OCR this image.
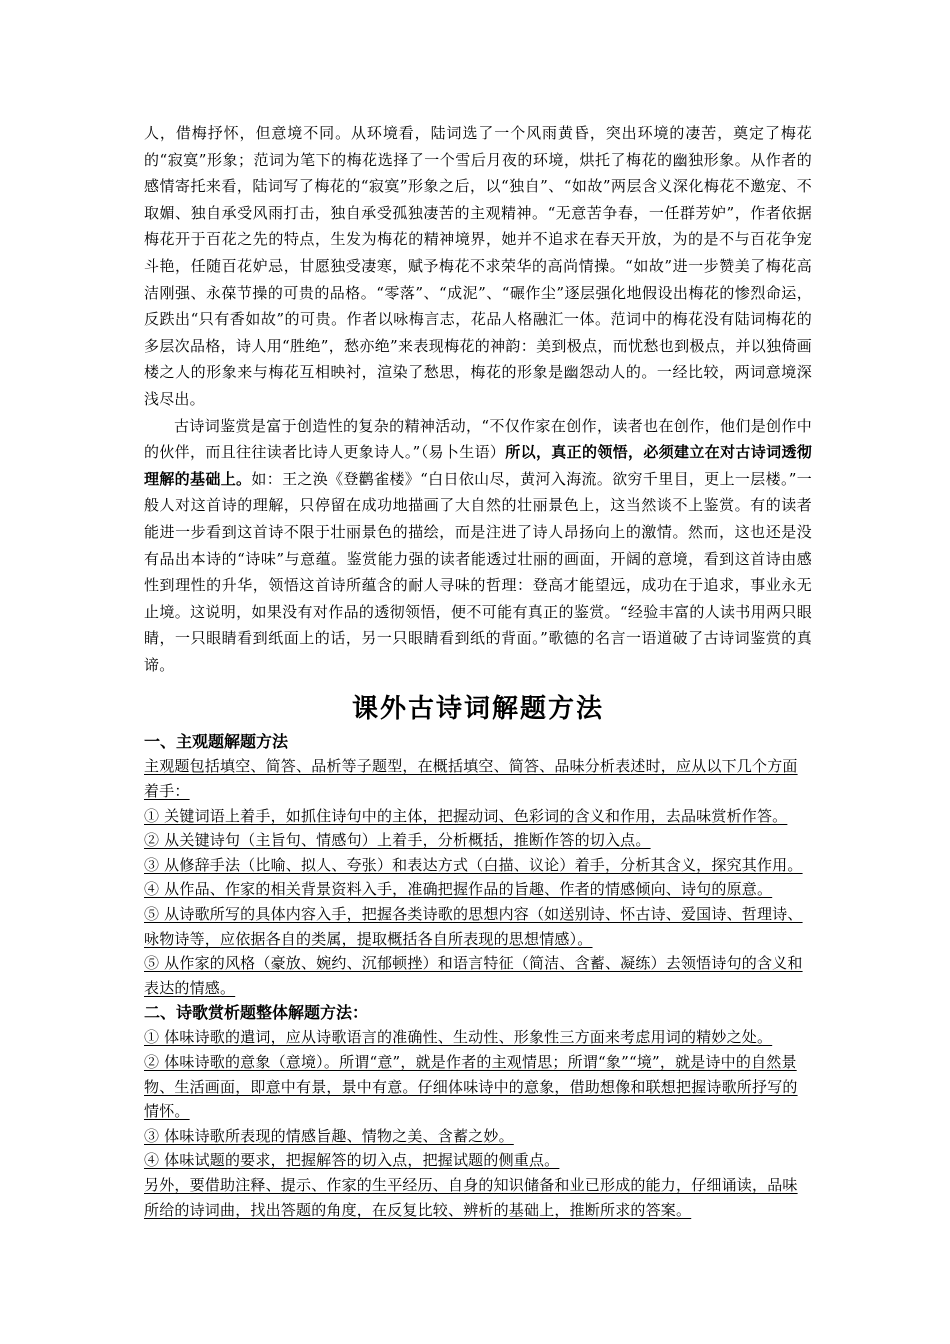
人，借梅抒怀，但意境不同。从环境看，陆词选了一个风雨黄昏，突出环境的凄苦，奠定了梅花的“寂寞”形象；范词为笔下的梅花选择了一个雪后月夜的环境，烘托了梅花的幽独形象。从作者的感情寄托来看，陆词写了梅花的“寂寞”形象之后，以“独自”、“如故”两层含义深化梅花不邀宠、不取媚、独自承受风雨打击，独自承受孤独凄苦的主观精神。“无意苦争春，一任群芳妒”，作者依据梅花开于百花之先的特点，生发为梅花的精神境界，她并不追求在春天开放，为的是不与百花争宠斗艳，任随百花妒忌，甘愿独受凄寒，赋予梅花不求荣华的高尚情操。“如故”进一步赞美了梅花高洁刚强、永葆节操的可贵的品格。“零落”、“成泥”、“碾作尘”逐层强化地假设出梅花的惨烈命运，反跌出“只有香如故”的可贵。作者以咏梅言志，花品人格融汇一体。范词中的梅花没有陆词梅花的多层次品格，诗人用“胜绝”，愁亦绝”来表现梅花的神韵：美到极点，而忧愁也到极点，并以独倚画楼之人的形象来与梅花互相映衬，渲染了愁思，梅花的形象是幽怨动人的。一经比较，两词意境深浅尽出。

古诗词鉴赏是富于创造性的复杂的精神活动，“不仅作家在创作，读者也在创作，他们是创作中的伙伴，而且往往读者比诗人更象诗人。”（易卜生语）所以，真正的领悟，必须建立在对古诗词透彻理解的基础上。如：王之涣《登鹳雀楼》“白日依山尽，黄河入海流。欲穷千里目，更上一层楼。”一般人对这首诗的理解，只停留在成功地描画了大自然的壮丽景色上，这当然谈不上鉴赏。有的读者能进一步看到这首诗不限于壮丽景色的描绘，而是注进了诗人昂扬向上的激情。然而，这也还是没有品出本诗的“诗味”与意蕴。鉴赏能力强的读者能透过壮丽的画面，开阔的意境，看到这首诗由感性到理性的升华，领悟这首诗所蕴含的耐人寻味的哲理：登高才能望远，成功在于追求，事业永无止境。这说明，如果没有对作品的透彻领悟，便不可能有真正的鉴赏。“经验丰富的人读书用两只眼睛，一只眼睛看到纸面上的话，另一只眼睛看到纸的背面。”歌德的名言一语道破了古诗词鉴赏的真谛。

课外古诗词解题方法

一、主观题解题方法

主观题包括填空、简答、品析等子题型，在概括填空、简答、品味分析表述时，应从以下几个方面着手：

① 关键词语上着手，如抓住诗句中的主体，把握动词、色彩词的含义和作用，去品味赏析作答。

② 从关键诗句（主旨句、情感句）上着手，分析概括，推断作答的切入点。

③ 从修辞手法（比喻、拟人、夸张）和表达方式（白描、议论）着手，分析其含义，探究其作用。

④ 从作品、作家的相关背景资料入手，准确把握作品的旨趣、作者的情感倾向、诗句的原意。

⑤ 从诗歌所写的具体内容入手，把握各类诗歌的思想内容（如送别诗、怀古诗、爱国诗、哲理诗、咏物诗等，应依据各自的类属，提取概括各自所表现的思想情感）。

⑤ 从作家的风格（豪放、婉约、沉郁顿挫）和语言特征（简洁、含蓄、凝练）去领悟诗句的含义和表达的情感。

二、诗歌赏析题整体解题方法：

① 体味诗歌的遣词，应从诗歌语言的准确性、生动性、形象性三方面来考虑用词的精妙之处。

② 体味诗歌的意象（意境）。所谓“意”，就是作者的主观情思；所谓“象”“境”，就是诗中的自然景物、生活画面，即意中有景，景中有意。仔细体味诗中的意象，借助想像和联想把握诗歌所抒写的情怀。

③ 体味诗歌所表现的情感旨趣、情物之美、含蓄之妙。

④ 体味试题的要求，把握解答的切入点，把握试题的侧重点。

另外，要借助注释、提示、作家的生平经历、自身的知识储备和业已形成的能力，仔细诵读，品味所给的诗词曲，找出答题的角度，在反复比较、辨析的基础上，推断所求的答案。
